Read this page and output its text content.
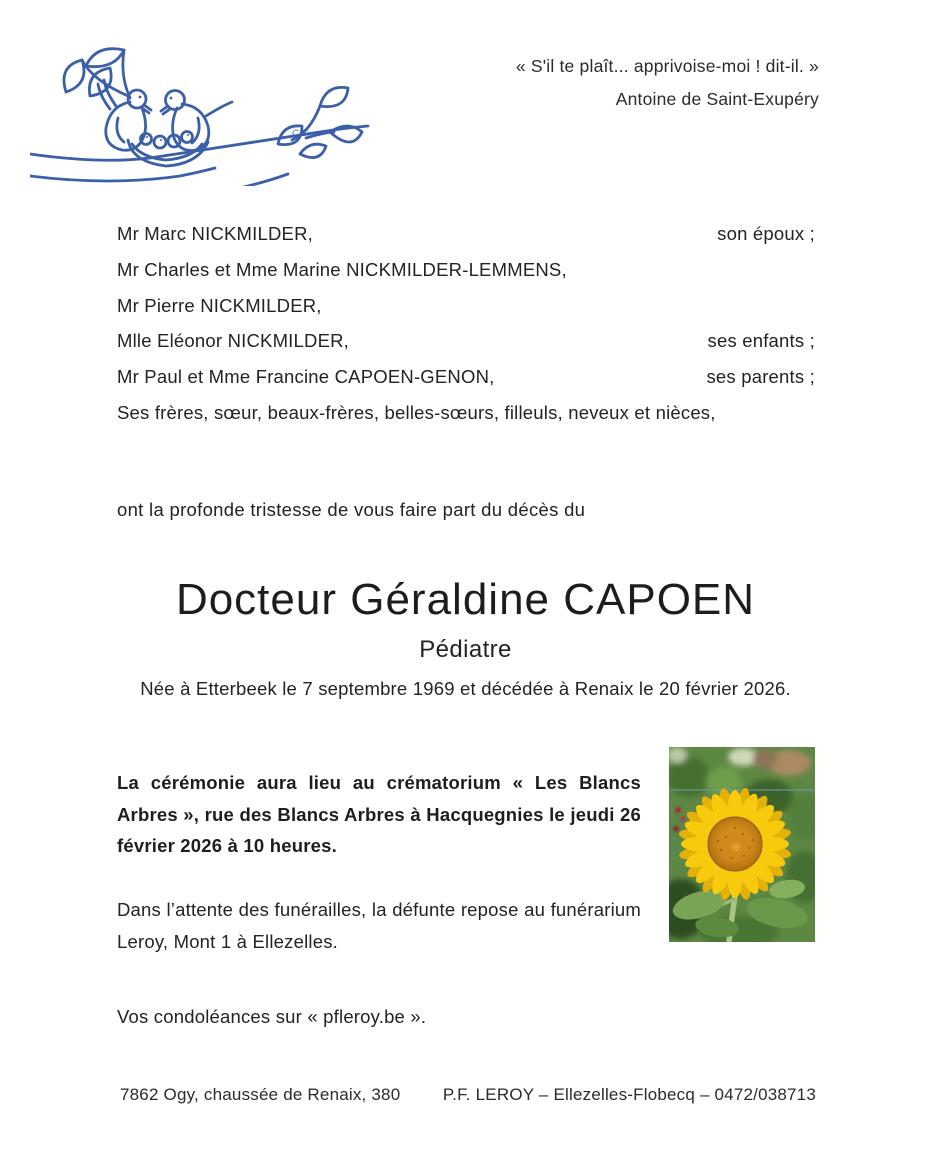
C.C.
« S'il te plaît... apprivoise-moi ! dit-il. »
Antoine de Saint-Exupéry
Mr Marc NICKMILDER,	son époux ;
Mr Charles et Mme Marine NICKMILDER-LEMMENS,
Mr Pierre NICKMILDER,
Mlle Eléonor NICKMILDER,	ses enfants ;
Mr Paul et Mme Francine CAPOEN-GENON,	ses parents ;
Ses frères, sœur, beaux-frères, belles-sœurs, filleuls, neveux et nièces,
ont la profonde tristesse de vous faire part du décès du
Docteur Géraldine CAPOEN
Pédiatre
Née à Etterbeek le 7 septembre 1969 et décédée à Renaix le 20 février 2026.
La cérémonie aura lieu au crématorium « Les Blancs Arbres », rue des Blancs Arbres à Hacquegnies le jeudi 26 février 2026 à 10 heures.
Dans l’attente des funérailles, la défunte repose au funérarium Leroy, Mont 1 à Ellezelles.
Vos condoléances sur « pfleroy.be ».
7862 Ogy, chaussée de Renaix, 380 P.F. LEROY – Ellezelles-Flobecq – 0472/038713
